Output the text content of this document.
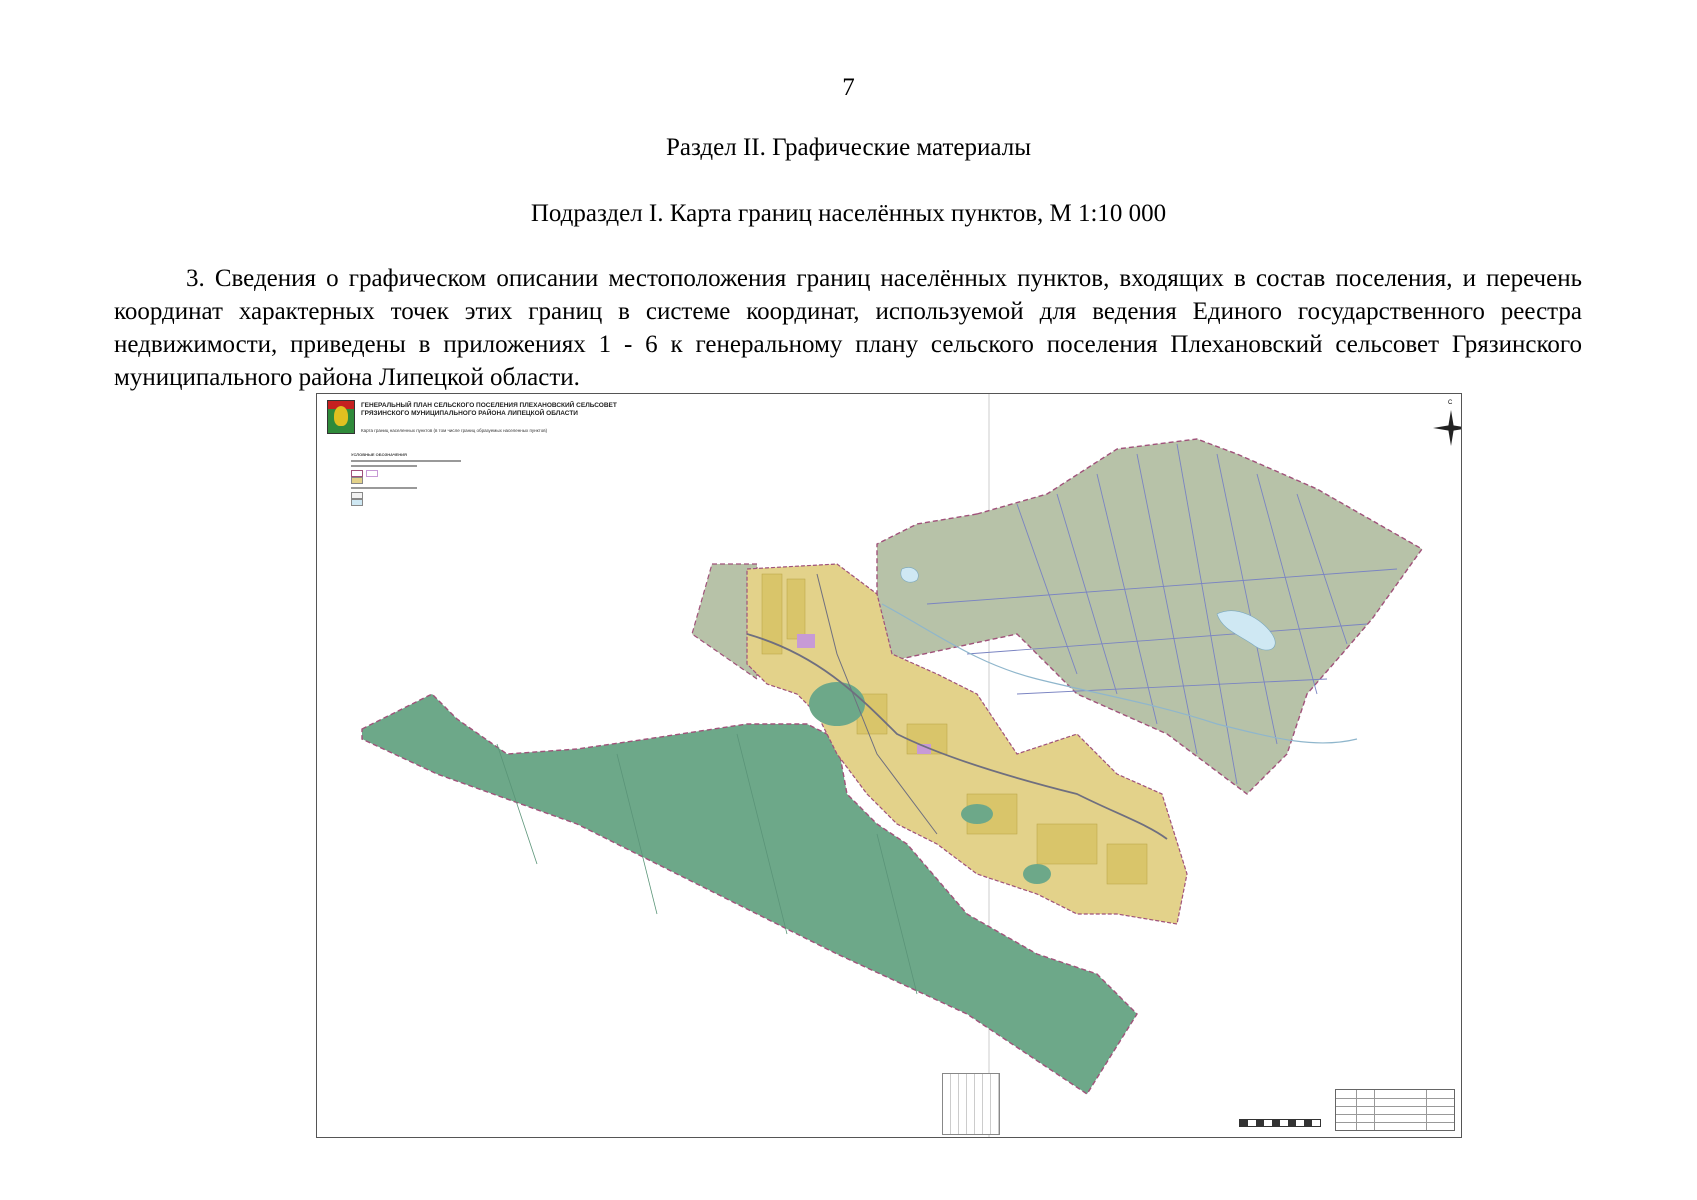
7
Раздел II. Графические материалы
Подраздел I. Карта границ населённых пунктов, М 1:10 000
3. Сведения о графическом описании местоположения границ населённых пунктов, входящих в состав поселения, и перечень координат характерных точек этих границ в системе координат, используемой для ведения Единого государственного реестра недвижимости, приведены в приложениях 1 - 6 к генеральному плану сельского поселения Плехановский сельсовет Грязинского муниципального района Липецкой области.
ГЕНЕРАЛЬНЫЙ ПЛАН СЕЛЬСКОГО ПОСЕЛЕНИЯ ПЛЕХАНОВСКИЙ СЕЛЬСОВЕТ ГРЯЗИНСКОГО МУНИЦИПАЛЬНОГО РАЙОНА ЛИПЕЦКОЙ ОБЛАСТИ
Карта границ населенных пунктов (в том числе границ образуемых населенных пунктов)
УСЛОВНЫЕ ОБОЗНАЧЕНИЯ
С
